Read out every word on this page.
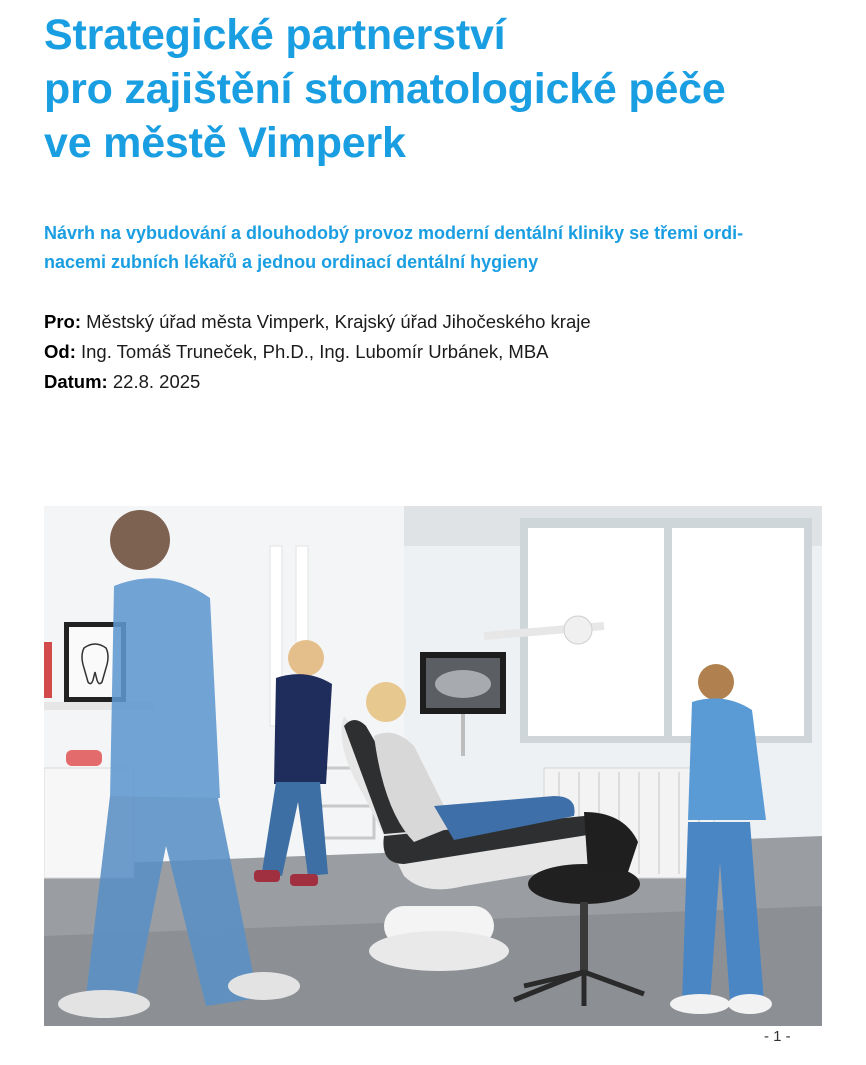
Strategické partnerství
pro zajištění stomatologické péče
ve městě Vimperk

Návrh na vybudování a dlouhodobý provoz moderní dentální kliniky se třemi ordi-
nacemi zubních lékařů a jednou ordinací dentální hygieny

Pro: Městský úřad města Vimperk, Krajský úřad Jihočeského kraje
Od: Ing. Tomáš Truneček, Ph.D., Ing. Lubomír Urbánek, MBA
Datum: 22.8. 2025
- 1 -
